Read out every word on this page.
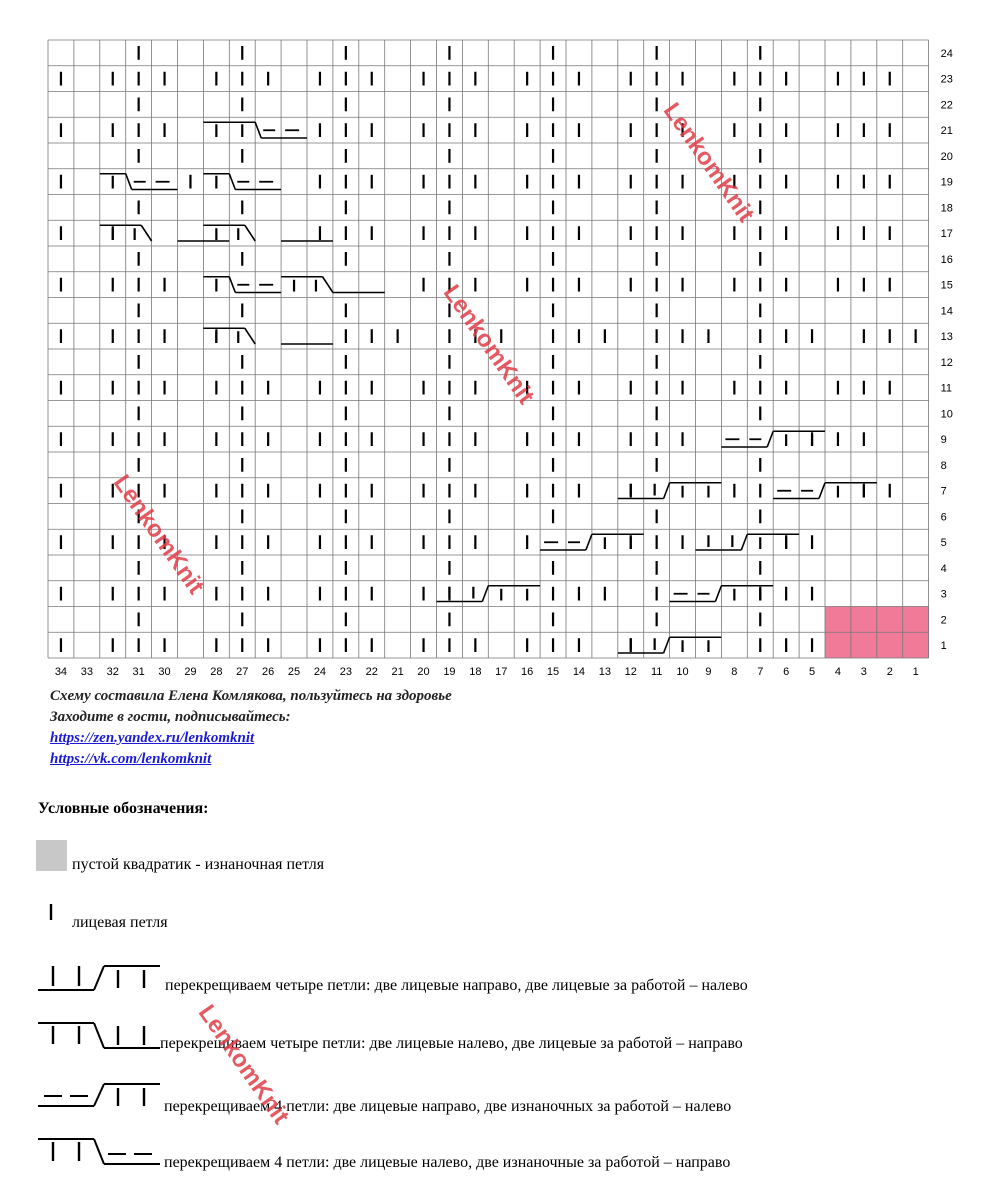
24
23
22
21
20
19
18
17
16
15
14
13
12
11
10
9
8
7
6
5
4
3
2
1
34 33 32 31 30 29 28 27 26 25 24 23 22 21 20 19 18 17 16 15 14 13 12 11 10 9 8 7 6 5 4 3 2 1
Схему составила Елена Комлякова, пользуйтесь на здоровье
Заходите в гости, подписывайтесь:
https://zen.yandex.ru/lenkomknit
https://vk.com/lenkomknit
Условные обозначения:
пустой квадратик - изнаночная петля
лицевая петля
перекрещиваем четыре петли: две лицевые направо, две лицевые за работой – налево
перекрещиваем четыре петли: две лицевые налево, две лицевые за работой – направо
перекрещиваем 4 петли: две лицевые направо, две изнаночных за работой – налево
перекрещиваем 4 петли: две лицевые налево, две изнаночные за работой – направо
LenkomKnit
LenkomKnit
LenkomKnit
LenkomKnit
